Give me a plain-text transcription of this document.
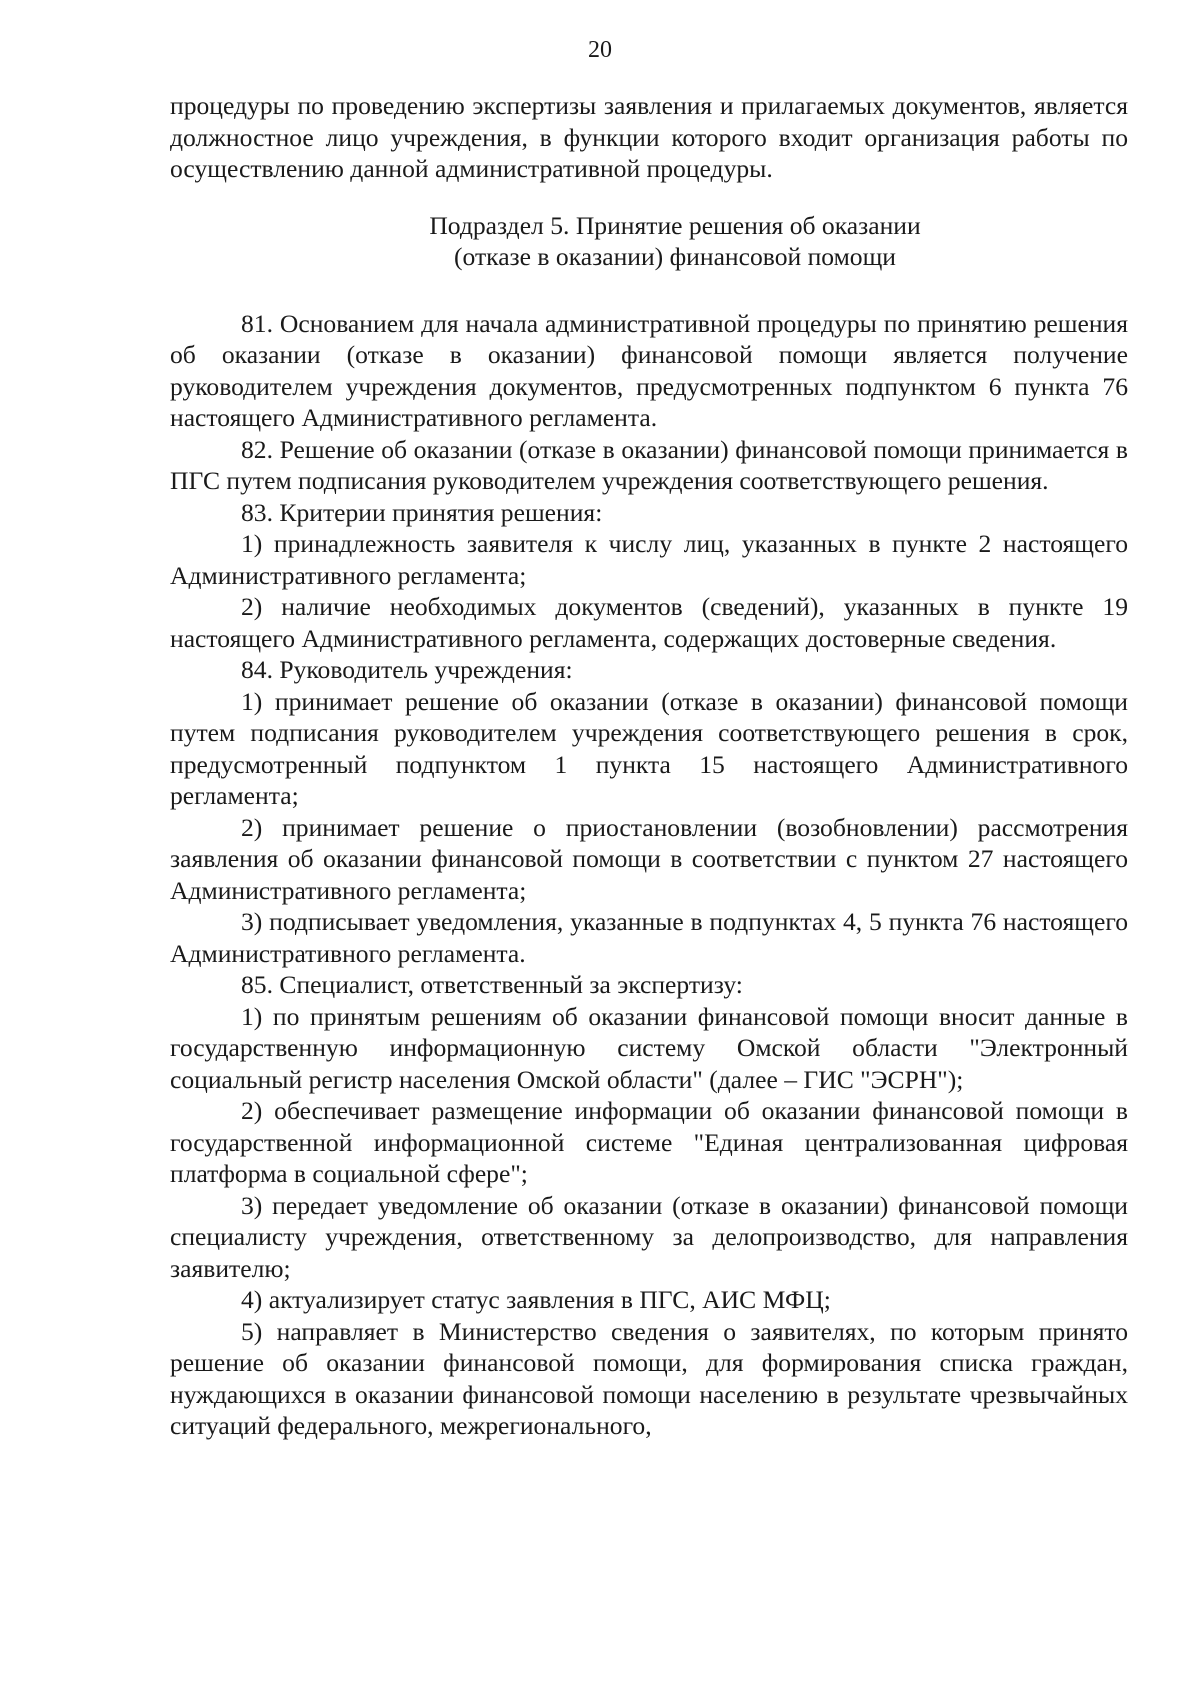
20

процедуры по проведению экспертизы заявления и прилагаемых документов, является должностное лицо учреждения, в функции которого входит организация работы по осуществлению данной административной процедуры.

Подраздел 5. Принятие решения об оказании
(отказе в оказании) финансовой помощи

81. Основанием для начала административной процедуры по принятию решения об оказании (отказе в оказании) финансовой помощи является получение руководителем учреждения документов, предусмотренных подпунктом 6 пункта 76 настоящего Административного регламента.

82. Решение об оказании (отказе в оказании) финансовой помощи принимается в ПГС путем подписания руководителем учреждения соответствующего решения.

83. Критерии принятия решения:

1) принадлежность заявителя к числу лиц, указанных в пункте 2 настоящего Административного регламента;

2) наличие необходимых документов (сведений), указанных в пункте 19 настоящего Административного регламента, содержащих достоверные сведения.

84. Руководитель учреждения:

1) принимает решение об оказании (отказе в оказании) финансовой помощи путем подписания руководителем учреждения соответствующего решения в срок, предусмотренный подпунктом 1 пункта 15 настоящего Административного регламента;

2) принимает решение о приостановлении (возобновлении) рассмотрения заявления об оказании финансовой помощи в соответствии с пунктом 27 настоящего Административного регламента;

3) подписывает уведомления, указанные в подпунктах 4, 5 пункта 76 настоящего Административного регламента.

85. Специалист, ответственный за экспертизу:

1) по принятым решениям об оказании финансовой помощи вносит данные в государственную информационную систему Омской области "Электронный социальный регистр населения Омской области" (далее – ГИС "ЭСРН");

2) обеспечивает размещение информации об оказании финансовой помощи в государственной информационной системе "Единая централизованная цифровая платформа в социальной сфере";

3) передает уведомление об оказании (отказе в оказании) финансовой помощи специалисту учреждения, ответственному за делопроизводство, для направления заявителю;

4) актуализирует статус заявления в ПГС, АИС МФЦ;

5) направляет в Министерство сведения о заявителях, по которым принято решение об оказании финансовой помощи, для формирования списка граждан, нуждающихся в оказании финансовой помощи населению в результате чрезвычайных ситуаций федерального, межрегионального,
